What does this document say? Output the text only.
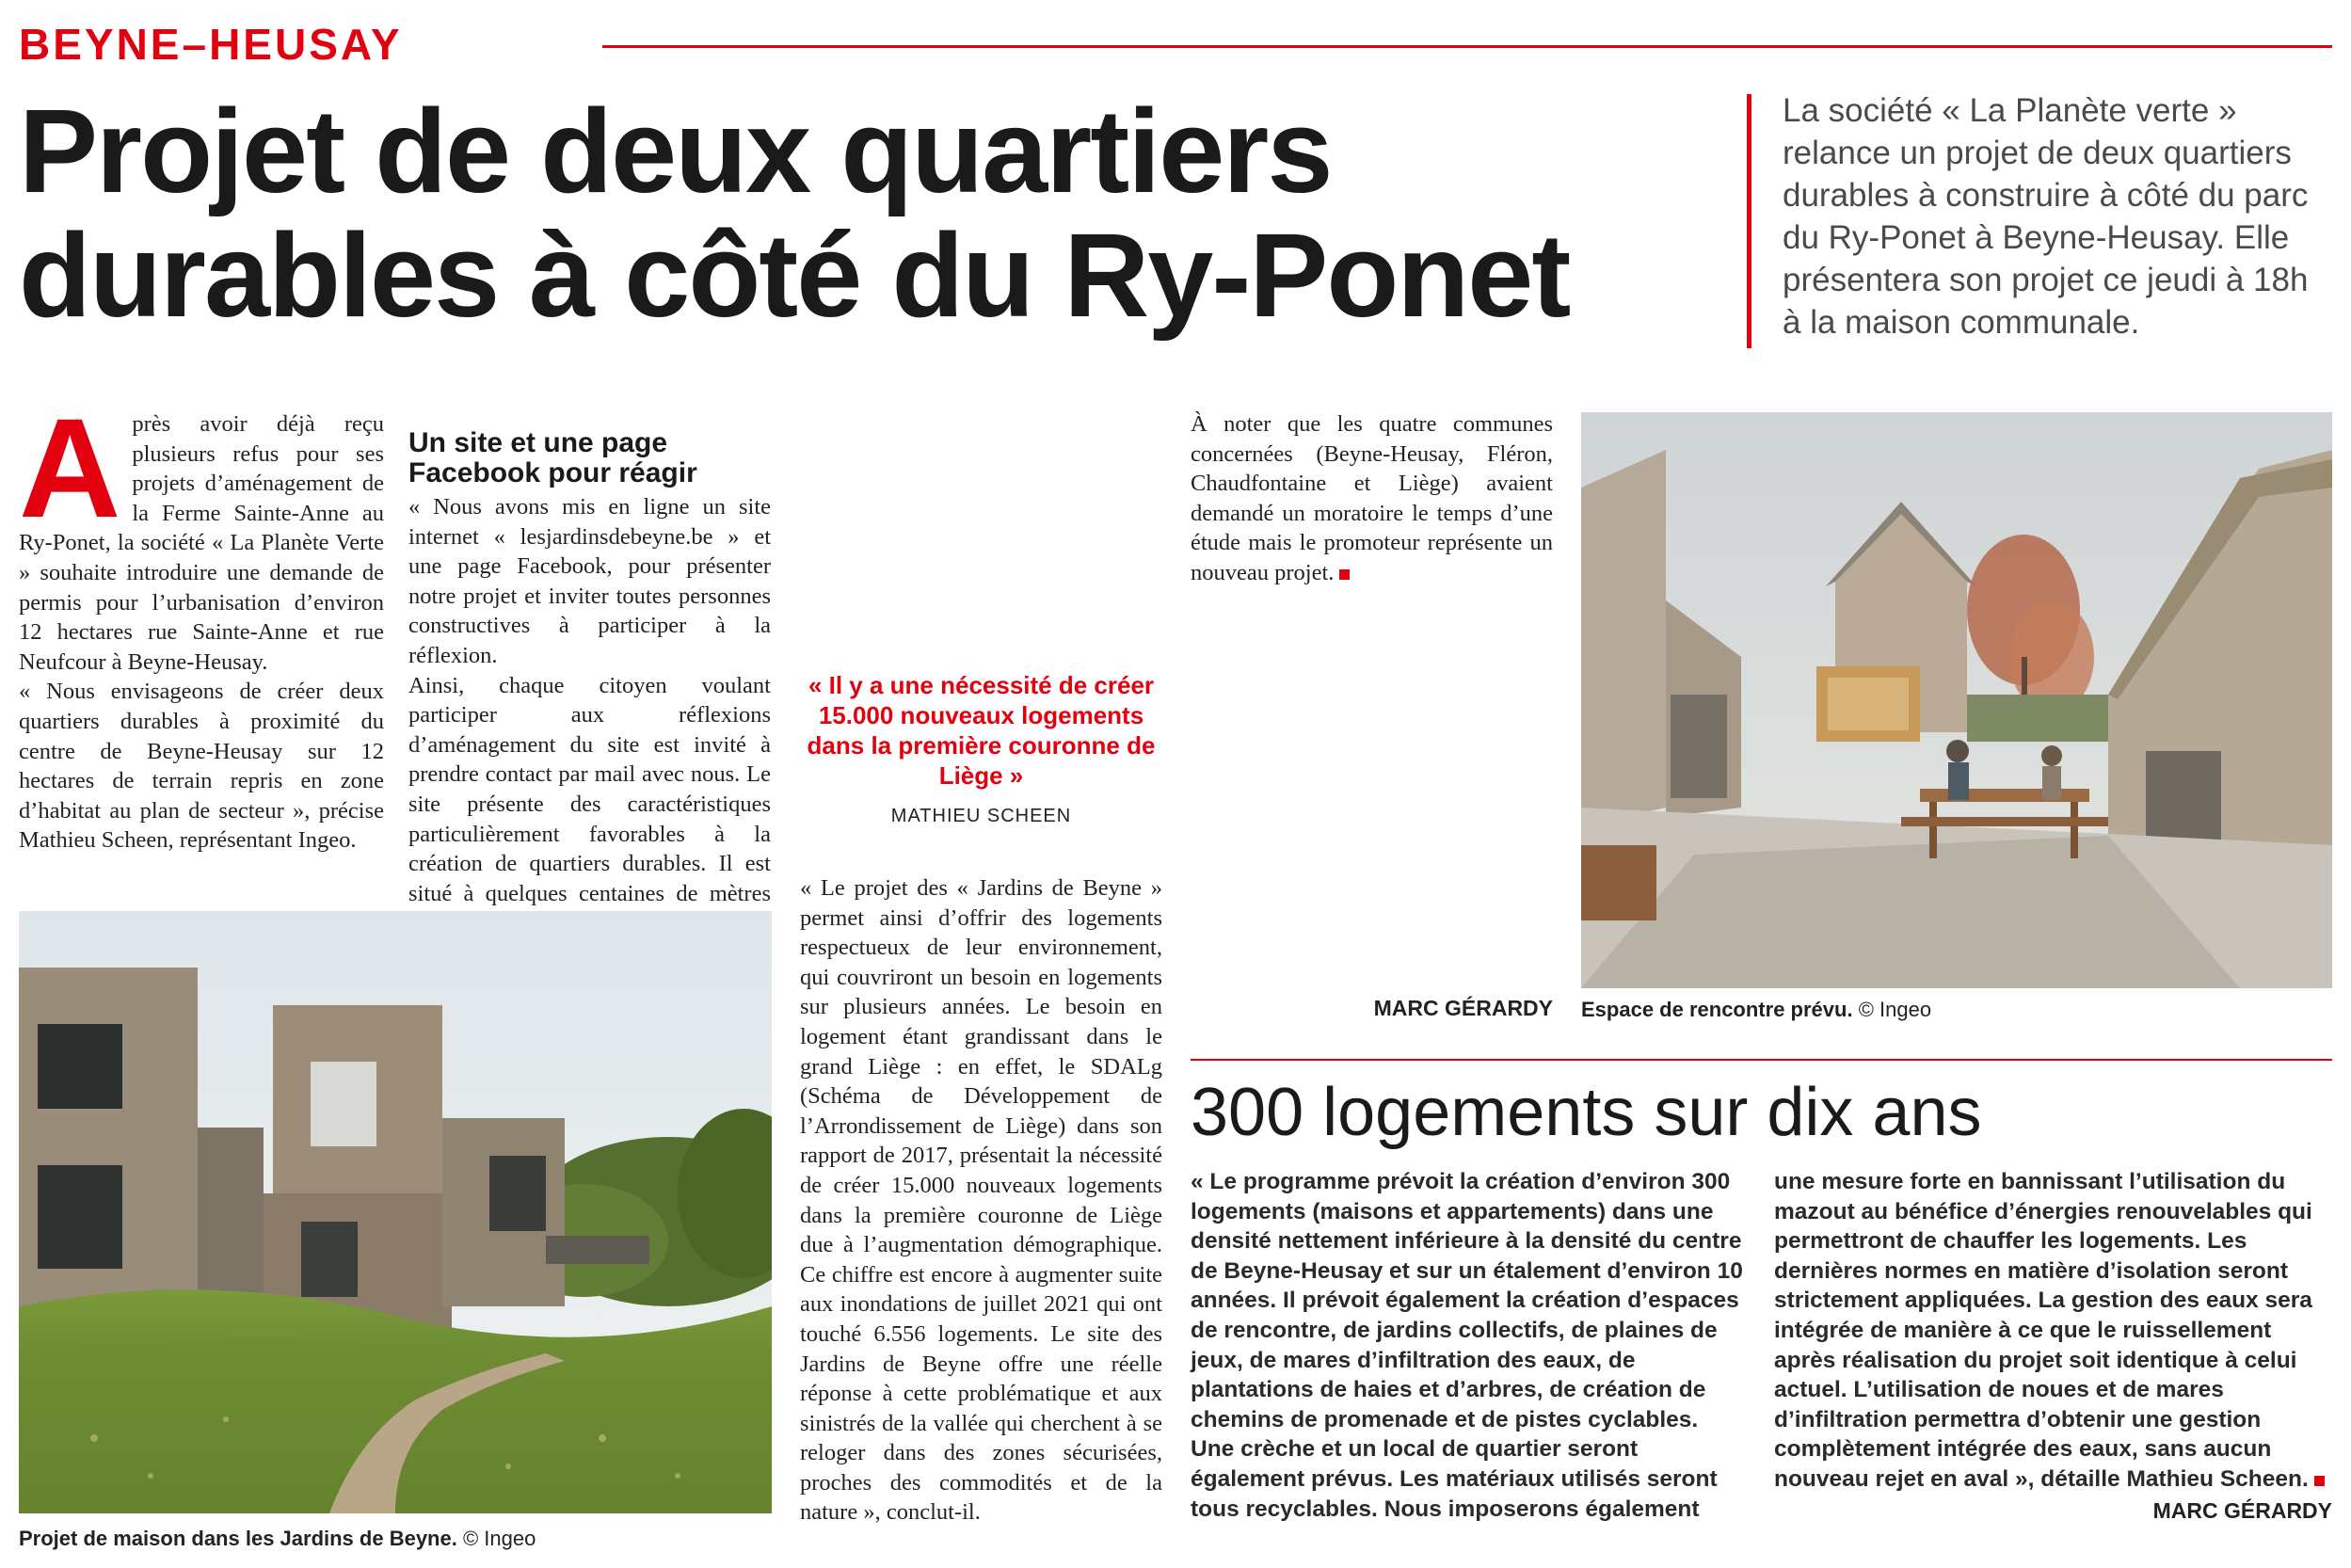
BEYNE–HEUSAY
Projet de deux quartiers durables à côté du Ry-Ponet
La société « La Planète verte » relance un projet de deux quartiers durables à construire à côté du parc du Ry-Ponet à Beyne-Heusay. Elle présentera son projet ce jeudi à 18h à la maison communale.
A près avoir déjà reçu plusieurs refus pour ses projets d’aménagement de la Ferme Sainte-Anne au Ry-Ponet, la société « La Planète Verte » souhaite introduire une demande de permis pour l’urbanisation d’environ 12 hectares rue Sainte-Anne et rue Neufcour à Beyne-Heusay.

« Nous envisageons de créer deux quartiers durables à proximité du centre de Beyne-Heusay sur 12 hectares de terrain repris en zone d’habitat au plan de secteur », précise Mathieu Scheen, représentant Ingeo.

Un site et une page Facebook pour réagir

« Nous avons mis en ligne un site internet « lesjardinsdebeyne.be » et une page Facebook, pour présenter notre projet et inviter toutes personnes constructives à participer à la réflexion.

Ainsi, chaque citoyen voulant participer aux réflexions d’aménagement du site est invité à prendre contact par mail avec nous. Le site présente des caractéristiques particulièrement favorables à la création de quartiers durables. Il est situé à quelques centaines de mètres

« Il y a une nécessité de créer 15.000 nouveaux logements dans la première couronne de Liège »
MATHIEU SCHEEN

« Le projet des « Jardins de Beyne » permet ainsi d’offrir des logements respectueux de leur environnement, qui couvriront un besoin en logements sur plusieurs années. Le besoin en logement étant grandissant dans le grand Liège : en effet, le SDALg (Schéma de Développement de l’Arrondissement de Liège) dans son rapport de 2017, présentait la nécessité de créer 15.000 nouveaux logements dans la première couronne de Liège due à l’augmentation démographique. Ce chiffre est encore à augmenter suite aux inondations de juillet 2021 qui ont touché 6.556 logements. Le site des Jardins de Beyne offre une réelle réponse à cette problématique et aux sinistrés de la vallée qui cherchent à se reloger dans des zones sécurisées, proches des commodités et de la nature », conclut-il.

À noter que les quatre communes concernées (Beyne-Heusay, Fléron, Chaudfontaine et Liège) avaient demandé un moratoire le temps d’une étude mais le promoteur représente un nouveau projet.

MARC GÉRARDY
Projet de maison dans les Jardins de Beyne. © Ingeo
Espace de rencontre prévu. © Ingeo
300 logements sur dix ans

« Le programme prévoit la création d’environ 300 logements (maisons et appartements) dans une densité nettement inférieure à la densité du centre de Beyne-Heusay et sur un étalement d’environ 10 années. Il prévoit également la création d’espaces de rencontre, de jardins collectifs, de plaines de jeux, de mares d’infiltration des eaux, de plantations de haies et d’arbres, de création de chemins de promenade et de pistes cyclables. Une crèche et un local de quartier seront également prévus. Les matériaux utilisés seront tous recyclables. Nous imposerons également

une mesure forte en bannissant l’utilisation du mazout au bénéfice d’énergies renouvelables qui permettront de chauffer les logements. Les dernières normes en matière d’isolation seront strictement appliquées. La gestion des eaux sera intégrée de manière à ce que le ruissellement après réalisation du projet soit identique à celui actuel. L’utilisation de noues et de mares d’infiltration permettra d’obtenir une gestion complètement intégrée des eaux, sans aucun nouveau rejet en aval », détaille Mathieu Scheen.

MARC GÉRARDY
